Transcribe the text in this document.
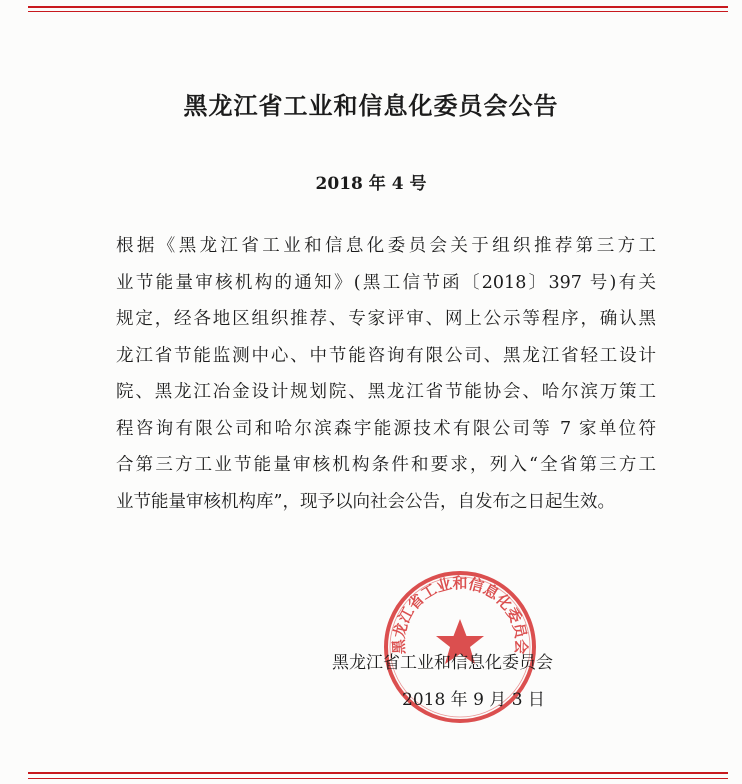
黑龙江省工业和信息化委员会公告
2018 年 4 号
根据《黑龙江省工业和信息化委员会关于组织推荐第三方工
业节能量审核机构的通知》(黑工信节函〔2018〕397 号)有关
规定，经各地区组织推荐、专家评审、网上公示等程序，确认黑
龙江省节能监测中心、中节能咨询有限公司、黑龙江省轻工设计
院、黑龙江冶金设计规划院、黑龙江省节能协会、哈尔滨万策工
程咨询有限公司和哈尔滨森宇能源技术有限公司等 7 家单位符
合第三方工业节能量审核机构条件和要求，列入“全省第三方工
业节能量审核机构库”，现予以向社会公告，自发布之日起生效。
黑龙江省工业和信息化委员会
黑龙江省工业和信息化委员会
2018 年 9 月 3 日
